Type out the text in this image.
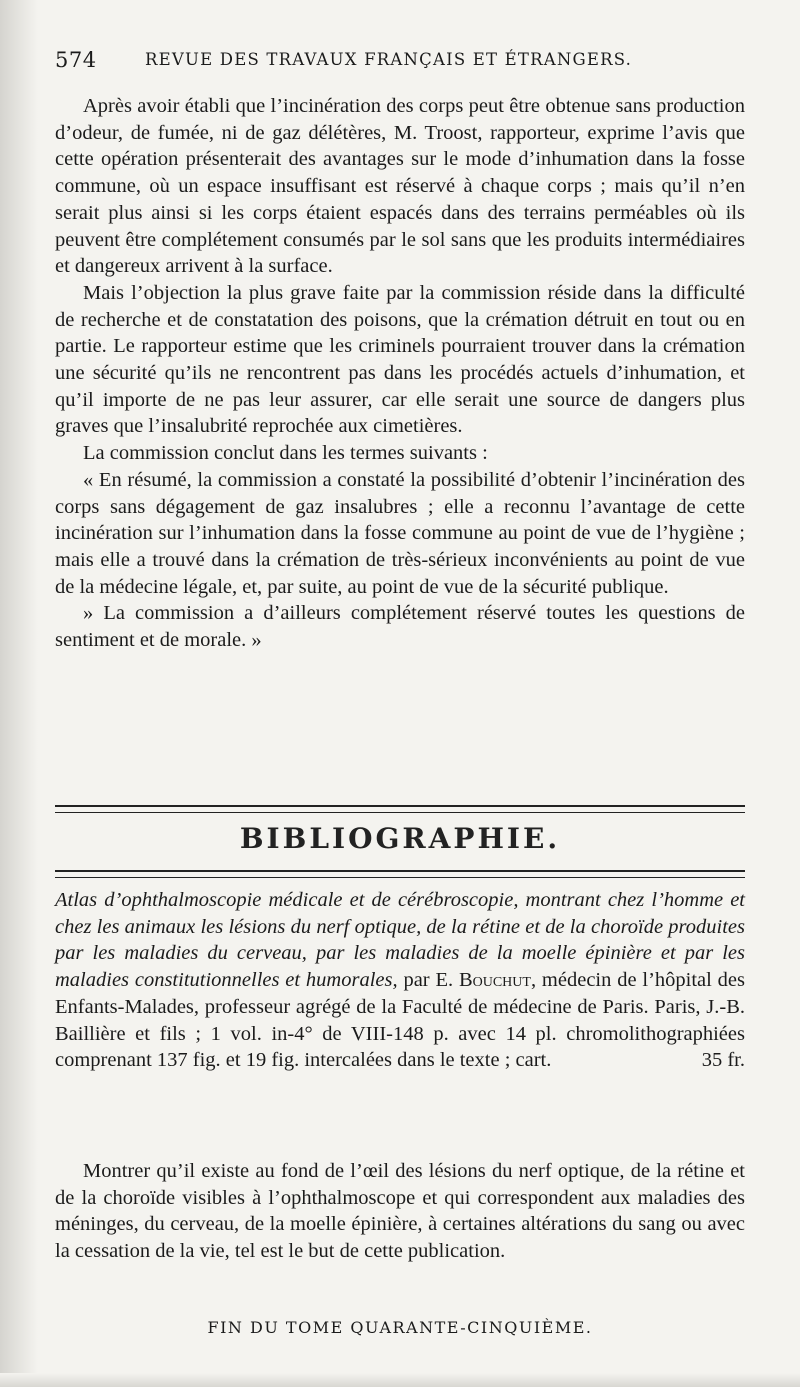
574	REVUE DES TRAVAUX FRANÇAIS ET ÉTRANGERS.

Après avoir établi que l’incinération des corps peut être obtenue sans production d’odeur, de fumée, ni de gaz délétères, M. Troost, rapporteur, exprime l’avis que cette opération présenterait des avantages sur le mode d’inhumation dans la fosse commune, où un espace insuffisant est réservé à chaque corps ; mais qu’il n’en serait plus ainsi si les corps étaient espacés dans des terrains perméables où ils peuvent être complétement consumés par le sol sans que les produits intermédiaires et dangereux arrivent à la surface.

Mais l’objection la plus grave faite par la commission réside dans la difficulté de recherche et de constatation des poisons, que la crémation détruit en tout ou en partie. Le rapporteur estime que les criminels pourraient trouver dans la crémation une sécurité qu’ils ne rencontrent pas dans les procédés actuels d’inhumation, et qu’il importe de ne pas leur assurer, car elle serait une source de dangers plus graves que l’insalubrité reprochée aux cimetières.

La commission conclut dans les termes suivants :

« En résumé, la commission a constaté la possibilité d’obtenir l’incinération des corps sans dégagement de gaz insalubres ; elle a reconnu l’avantage de cette incinération sur l’inhumation dans la fosse commune au point de vue de l’hygiène ; mais elle a trouvé dans la crémation de très-sérieux inconvénients au point de vue de la médecine légale, et, par suite, au point de vue de la sécurité publique.

» La commission a d’ailleurs complétement réservé toutes les questions de sentiment et de morale. »

BIBLIOGRAPHIE.

Atlas d’ophthalmoscopie médicale et de cérébroscopie, montrant chez l’homme et chez les animaux les lésions du nerf optique, de la rétine et de la choroïde produites par les maladies du cerveau, par les maladies de la moelle épinière et par les maladies constitutionnelles et humorales, par E. Bouchut, médecin de l’hôpital des Enfants-Malades, professeur agrégé de la Faculté de médecine de Paris. Paris, J.-B. Baillière et fils ; 1 vol. in-4° de VIII-148 p. avec 14 pl. chromolithographiées comprenant 137 fig. et 19 fig. intercalées dans le texte ; cart.	35 fr.

Montrer qu’il existe au fond de l’œil des lésions du nerf optique, de la rétine et de la choroïde visibles à l’ophthalmoscope et qui correspondent aux maladies des méninges, du cerveau, de la moelle épinière, à certaines altérations du sang ou avec la cessation de la vie, tel est le but de cette publication.

FIN DU TOME QUARANTE-CINQUIÈME.
